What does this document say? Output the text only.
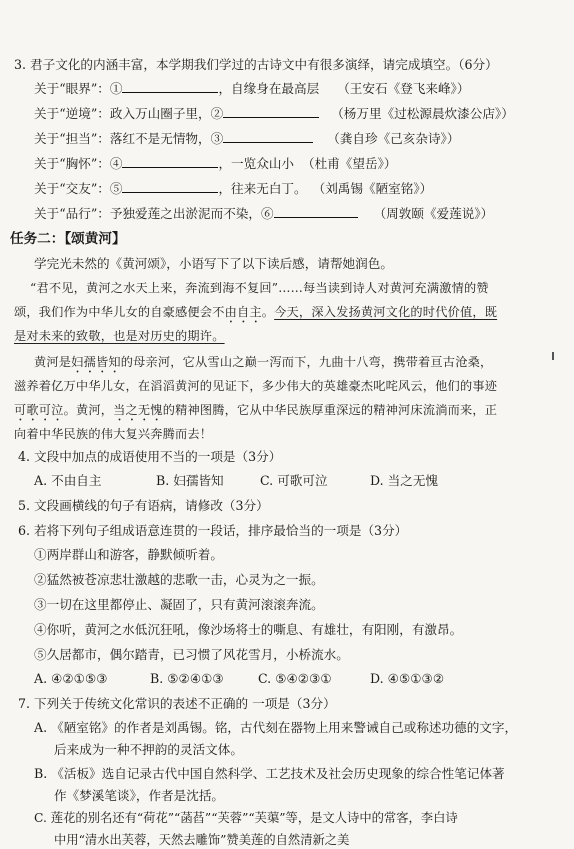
3. 君子文化的内涵丰富，本学期我们学过的古诗文中有很多演绎，请完成填空。（6分）
关于“眼界”：①	，自缘身在最高层 （王安石《登飞来峰》）
关于“逆境”：政入万山圈子里，②	（杨万里《过松源晨炊漆公店》）
关于“担当”：落红不是无情物，③	（龚自珍《己亥杂诗》）
关于“胸怀”：④	，一览众山小 （杜甫《望岳》）
关于“交友”：⑤	，往来无白丁。 （刘禹锡《陋室铭》）
关于“品行”：予独爱莲之出淤泥而不染，⑥	（周敦颐《爱莲说》）
任务二：【颂黄河】
学完光未然的《黄河颂》，小语写下了以下读后感，请帮她润色。
“君不见，黄河之水天上来，奔流到海不复回”……每当读到诗人对黄河充满激情的赞
颂，我们作为中华儿女的自豪感便会不由自主。今天，深入发扬黄河文化的时代价值，既
是对未来的致敬，也是对历史的期许。
黄河是妇孺皆知的母亲河，它从雪山之巅一泻而下，九曲十八弯，携带着亘古沧桑，
滋养着亿万中华儿女，在滔滔黄河的见证下，多少伟大的英雄豪杰叱咤风云，他们的事迹
可歌可泣。黄河，当之无愧的精神图腾，它从中华民族厚重深远的精神河床流淌而来，正
向着中华民族的伟大复兴奔腾而去！
4. 文段中加点的成语使用不当的一项是（3分）
A. 不由自主	B. 妇孺皆知	C. 可歌可泣	D. 当之无愧
5. 文段画横线的句子有语病，请修改（3分）
6. 若将下列句子组成语意连贯的一段话，排序最恰当的一项是（3分）
①两岸群山和游客，静默倾听着。
②猛然被苍凉悲壮激越的悲歌一击，心灵为之一振。
③一切在这里都停止、凝固了，只有黄河滚滚奔流。
④你听，黄河之水低沉狂吼，像沙场将士的嘶息、有雄壮，有阳刚，有激昂。
⑤久居都市，偶尔踏青，已习惯了风花雪月，小桥流水。
A. ④②①⑤③	B. ⑤②④①③	C. ⑤④②③①	D. ④⑤①③②
7. 下列关于传统文化常识的表述不正确的 一项是（3分）
A. 《陋室铭》的作者是刘禹锡。铭，古代刻在器物上用来警诫自己或称述功德的文字，
后来成为一种不押韵的灵活文体。
B. 《活板》选自记录古代中国自然科学、工艺技术及社会历史现象的综合性笔记体著
作《梦溪笔谈》，作者是沈括。
C. 莲花的别名还有“荷花”“菡萏”“芙蓉”“芙蕖”等，是文人诗中的常客，李白诗
中用“清水出芙蓉，天然去雕饰”赞美莲的自然清新之美
